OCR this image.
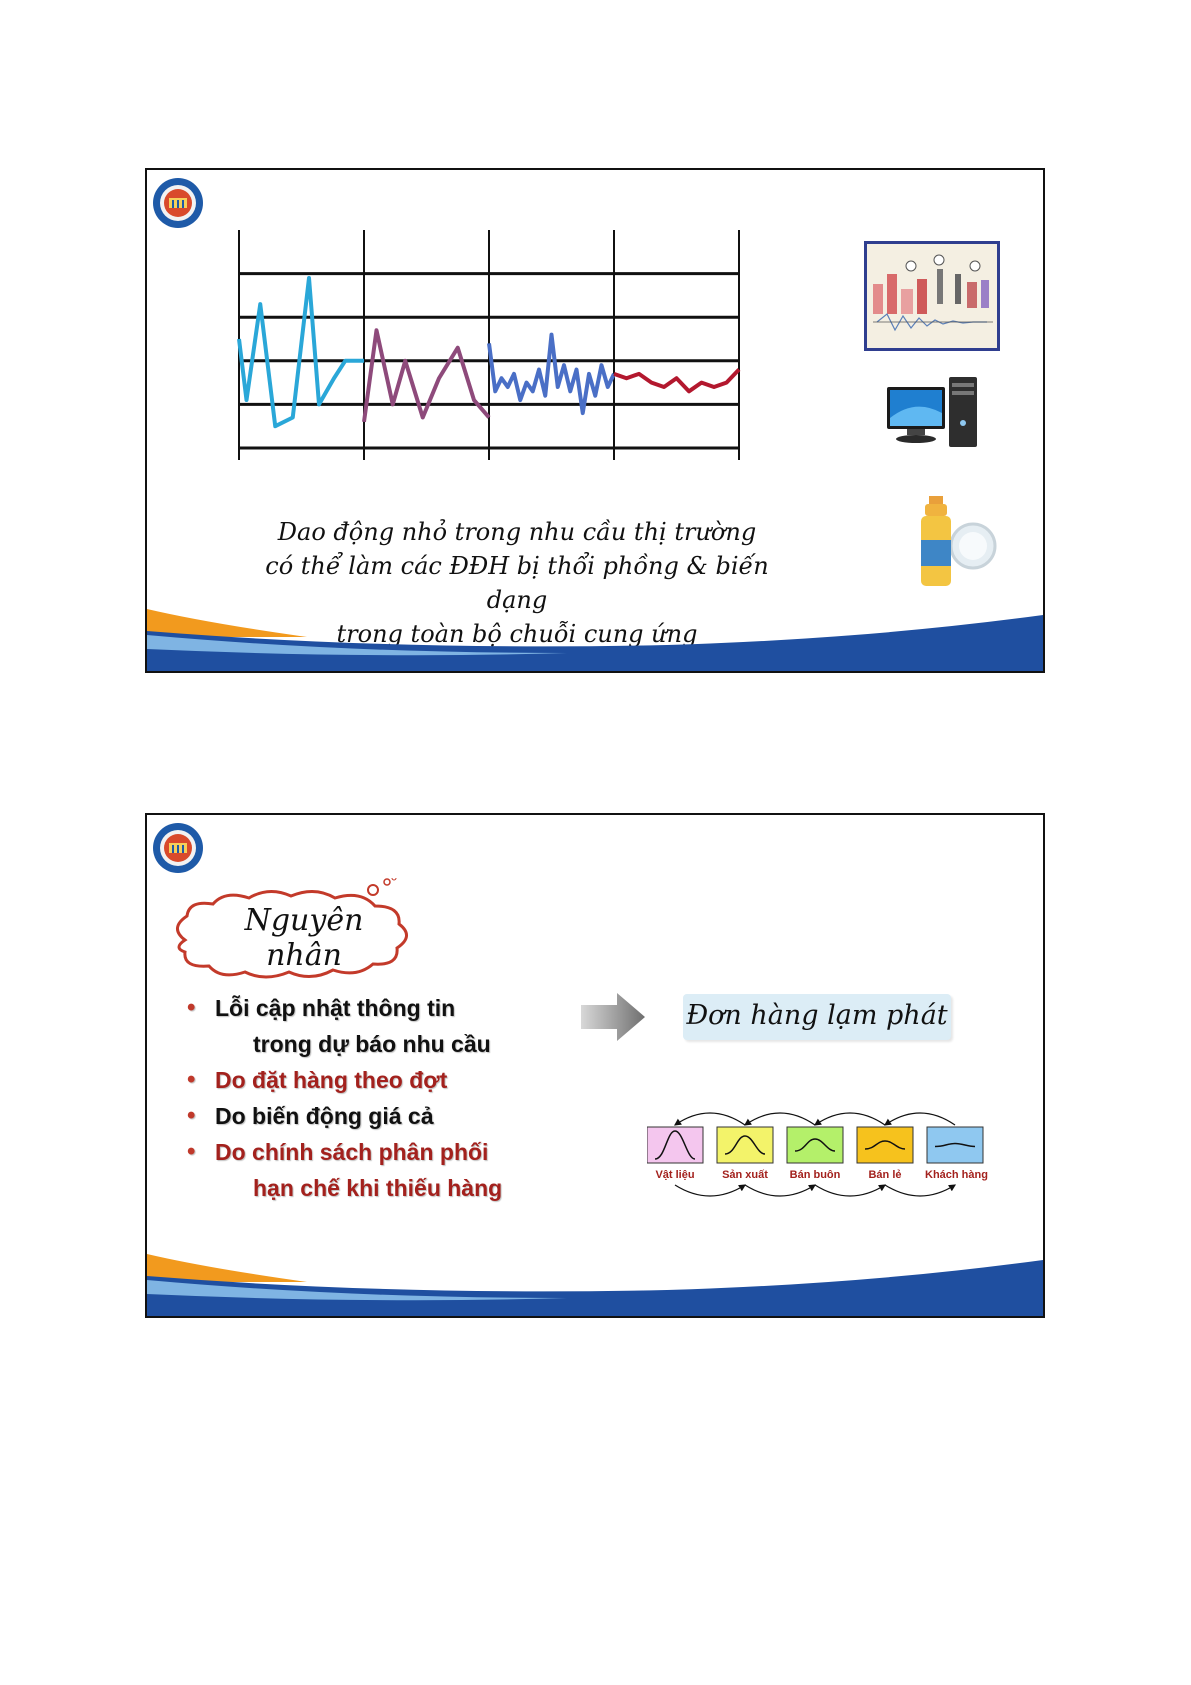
Dao động nhỏ trong nhu cầu thị trường
có thể làm các ĐĐH bị thổi phồng & biến dạng
trong toàn bộ chuỗi cung ứng
Nguyên nhân
• Lỗi cập nhật thông tin
trong dự báo nhu cầu
• Do đặt hàng theo đợt
• Do biến động giá cả
• Do chính sách phân phối
hạn chế khi thiếu hàng
Đơn hàng lạm phát
Vật liệu	Sản xuất	Bán buôn	Bán lẻ	Khách hàng
